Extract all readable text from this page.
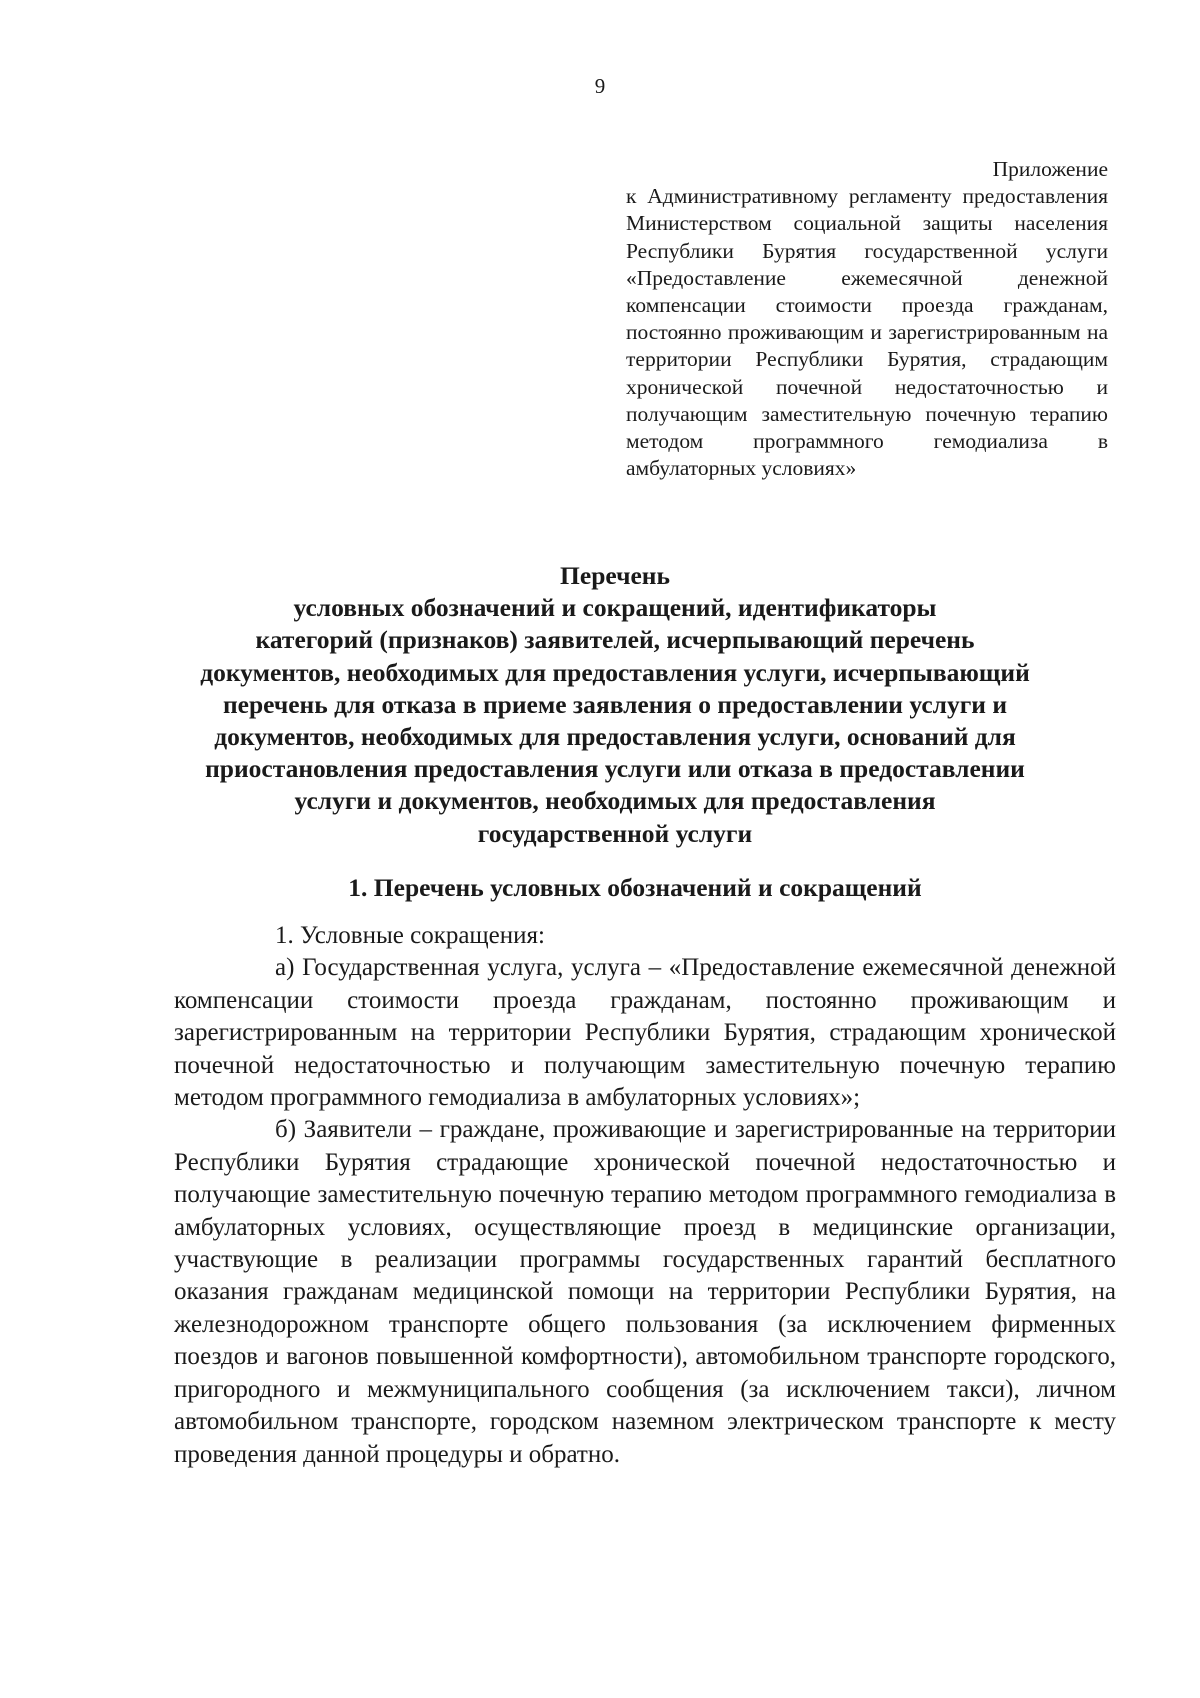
9
Приложение
к Административному регламенту предоставления Министерством социальной защиты населения Республики Бурятия государственной услуги «Предоставление ежемесячной денежной компенсации стоимости проезда гражданам, постоянно проживающим и зарегистрированным на территории Республики Бурятия, страдающим хронической почечной недостаточностью и получающим заместительную почечную терапию методом программного гемодиализа в амбулаторных условиях»
Перечень
условных обозначений и сокращений, идентификаторы
категорий (признаков) заявителей, исчерпывающий перечень
документов, необходимых для предоставления услуги, исчерпывающий
перечень для отказа в приеме заявления о предоставлении услуги и
документов, необходимых для предоставления услуги, оснований для
приостановления предоставления услуги или отказа в предоставлении
услуги и документов, необходимых для предоставления
государственной услуги
1. Перечень условных обозначений и сокращений

1. Условные сокращения:

а) Государственная услуга, услуга – «Предоставление ежемесячной денежной компенсации стоимости проезда гражданам, постоянно проживающим и зарегистрированным на территории Республики Бурятия, страдающим хронической почечной недостаточностью и получающим заместительную почечную терапию методом программного гемодиализа в амбулаторных условиях»;

б) Заявители – граждане, проживающие и зарегистрированные на территории Республики Бурятия страдающие хронической почечной недостаточностью и получающие заместительную почечную терапию методом программного гемодиализа в амбулаторных условиях, осуществляющие проезд в медицинские организации, участвующие в реализации программы государственных гарантий бесплатного оказания гражданам медицинской помощи на территории Республики Бурятия, на железнодорожном транспорте общего пользования (за исключением фирменных поездов и вагонов повышенной комфортности), автомобильном транспорте городского, пригородного и межмуниципального сообщения (за исключением такси), личном автомобильном транспорте, городском наземном электрическом транспорте к месту проведения данной процедуры и обратно.
